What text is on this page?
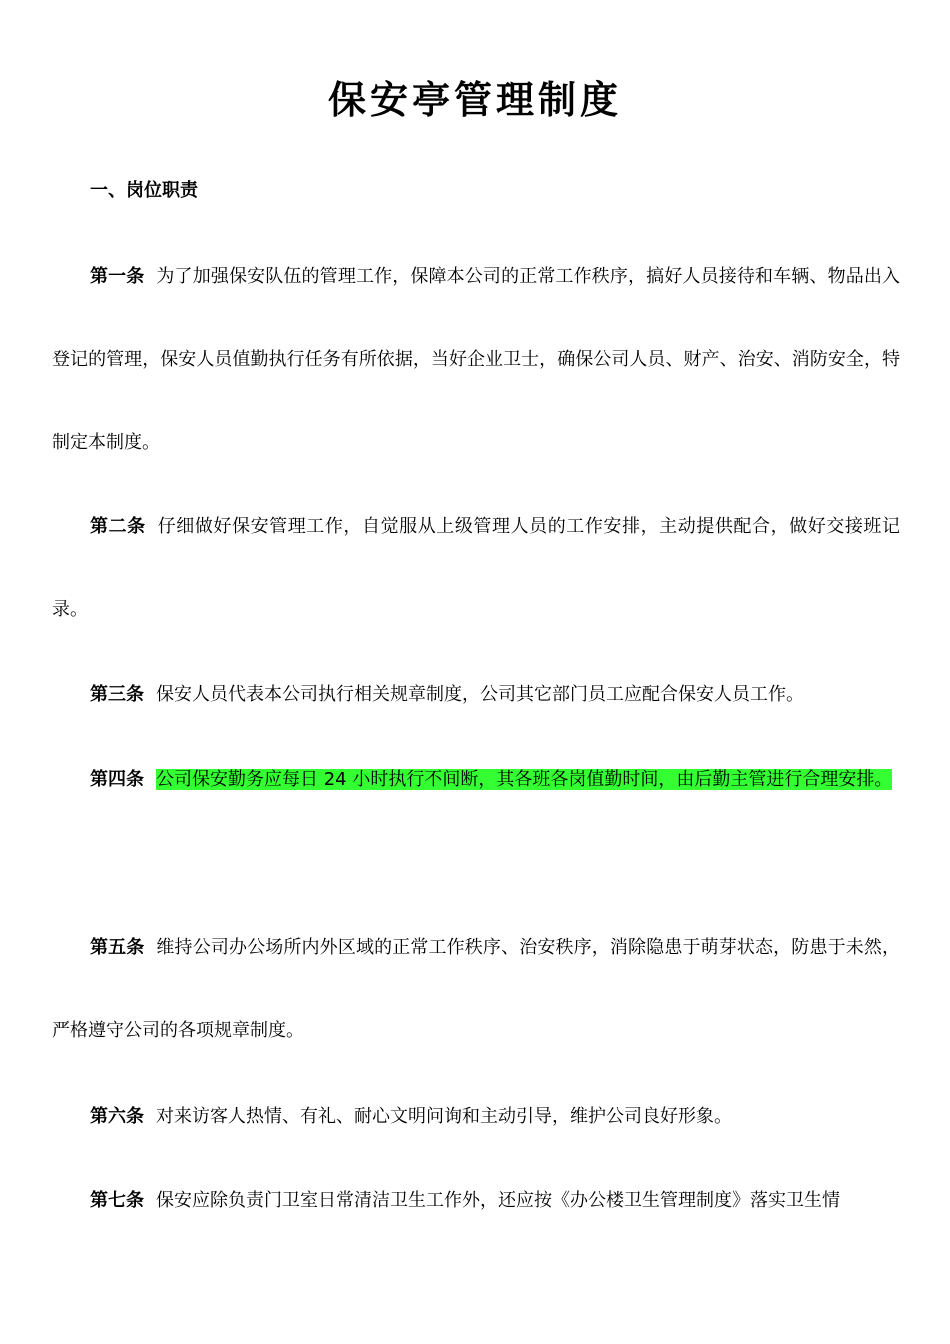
保安亭管理制度
一、岗位职责

第一条 为了加强保安队伍的管理工作，保障本公司的正常工作秩序，搞好人员接待和车辆、物品出入登记的管理，保安人员值勤执行任务有所依据，当好企业卫士，确保公司人员、财产、治安、消防安全，特制定本制度。

第二条 仔细做好保安管理工作，自觉服从上级管理人员的工作安排，主动提供配合，做好交接班记录。

第三条 保安人员代表本公司执行相关规章制度，公司其它部门员工应配合保安人员工作。

第四条 公司保安勤务应每日 24 小时执行不间断，其各班各岗值勤时间，由后勤主管进行合理安排。

第五条 维持公司办公场所内外区域的正常工作秩序、治安秩序，消除隐患于萌芽状态，防患于未然，严格遵守公司的各项规章制度。

第六条 对来访客人热情、有礼、耐心文明问询和主动引导，维护公司良好形象。

第七条 保安应除负责门卫室日常清洁卫生工作外，还应按《办公楼卫生管理制度》落实卫生情
